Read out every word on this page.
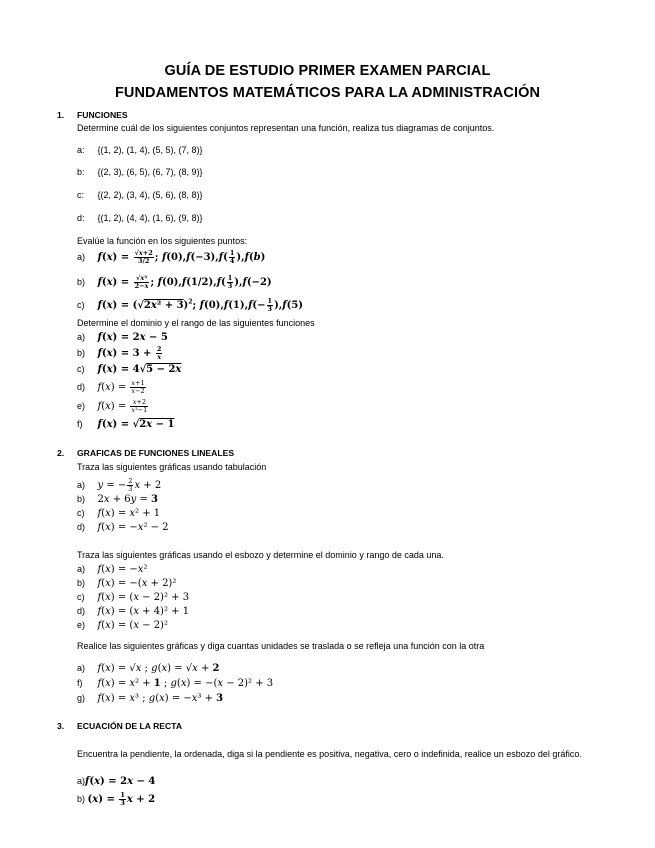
GUÍA DE ESTUDIO PRIMER EXAMEN PARCIAL
FUNDAMENTOS MATEMÁTICOS PARA LA ADMINISTRACIÓN
1. FUNCIONES
Determine cuál de los siguientes conjuntos representan una función, realiza tus diagramas de conjuntos.
a: {(1, 2), (1, 4), (5, 5), (7, 8)}
b: {(2, 3), (6, 5), (6, 7), (8, 9)}
c: {(2, 2), (3, 4), (5, 6), (8, 8)}
d: {(1, 2), (4, 4), (1, 6), (9, 8)}
Evalúe la función en los siguientes puntos:
a) $f(x) = \frac{√x+2}{3/2}$ ; $f(0),f(-3),f( \frac{1}{4} ),f(b)$
b) $f(x) = \frac{\text{√x³}}{2-x}$ ; $f(0),f(1/2),f( \frac{1}{3} ),f(-2)$
c) $f(x) = (√2x^2 + 3)^2$; $f(0),f(1),f(- \frac{1}{3} ),f(5)$
Determine el dominio y el rango de las siguientes funciones
a) f(x) = 2x − 5
b) $f(x) = 3 + \frac{2}{x}$
c) f(x) = 4√5 − 2x
d) $f(x) = \frac{x+1}{x-2}$
e) $f(x) = \frac{x+2}{\text{x²−1}}$
f) f(x) = √2x − 1
2. GRAFICAS DE FUNCIONES LINEALES
Traza las siguientes gráficas usando tabulación
a) y = − $\frac{2}{3}$ x + 2
b) 2x + 6y = 3
c) f(x) = x² + 1
d) f(x) = −x² − 2
Traza las siguientes gráficas usando el esbozo y determine el dominio y rango de cada una.
a) f(x) = −x²
b) f(x) = −(x + 2)²
c) f(x) = (x − 2)² + 3
d) f(x) = (x + 4)² + 1
e) f(x) = (x − 2)²
Realice las siguientes gráficas y diga cuantas unidades se traslada o se refleja una función con la otra
a) f(x) = √x ; g(x) = √x + 2
f) f(x) = x² + 1 ; g(x) = −(x − 2)² + 3
g) f(x) = x³ ; g(x) = −x³ + 3
3. ECUACIÓN DE LA RECTA
Encuentra la pendiente, la ordenada, diga si la pendiente es positiva, negativa, cero o indefinida, realice un esbozo del gráfico.
a)f(x) = 2x − 4
b) $(x) = \frac{1}{3}$ x + 2
